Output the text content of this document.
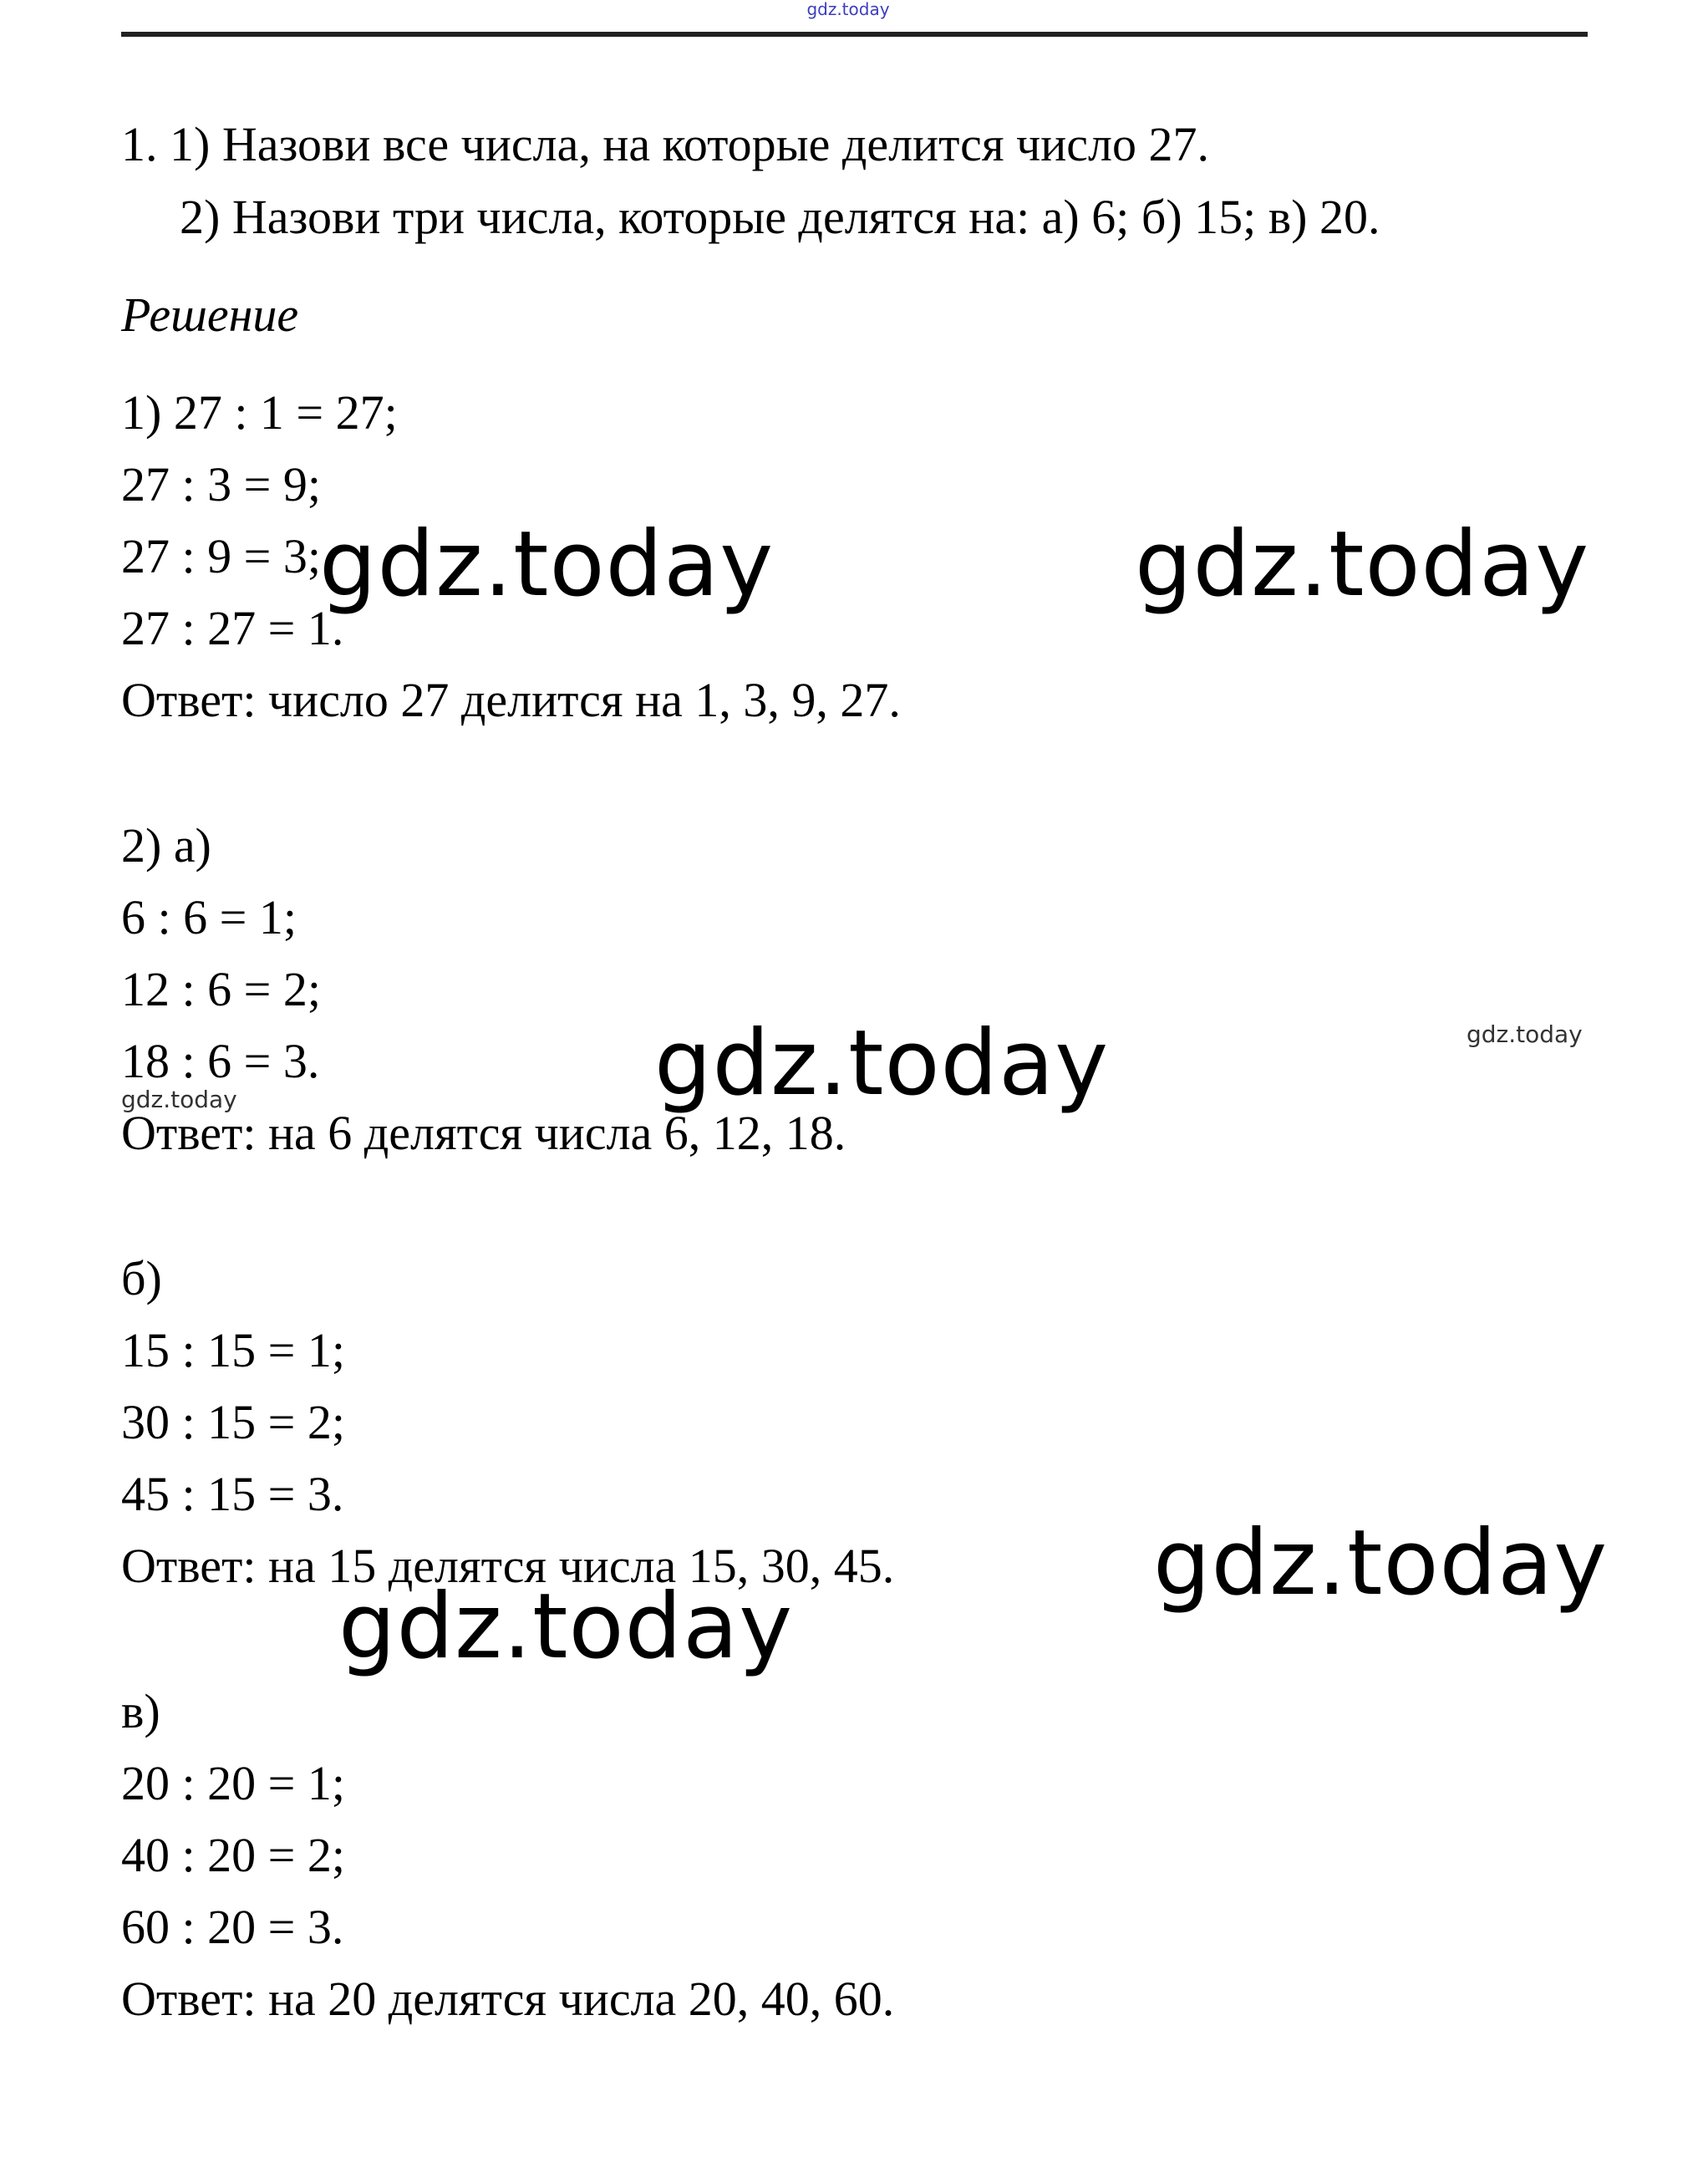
gdz.today
1. 1) Назови все числа, на которые делится число 27.
2) Назови три числа, которые делятся на: а) 6; б) 15; в) 20.
Решение
1) 27 : 1 = 27;
27 : 3 = 9;
27 : 9 = 3;
27 : 27 = 1.
Ответ: число 27 делится на 1, 3, 9, 27.
2) а)
6 : 6 = 1;
12 : 6 = 2;
18 : 6 = 3.
Ответ: на 6 делятся числа 6, 12, 18.
б)
15 : 15 = 1;
30 : 15 = 2;
45 : 15 = 3.
Ответ: на 15 делятся числа 15, 30, 45.
в)
20 : 20 = 1;
40 : 20 = 2;
60 : 20 = 3.
Ответ: на 20 делятся числа 20, 40, 60.
gdz.today	gdz.today
gdz.today	gdz.today
gdz.today
gdz.today
gdz.today
